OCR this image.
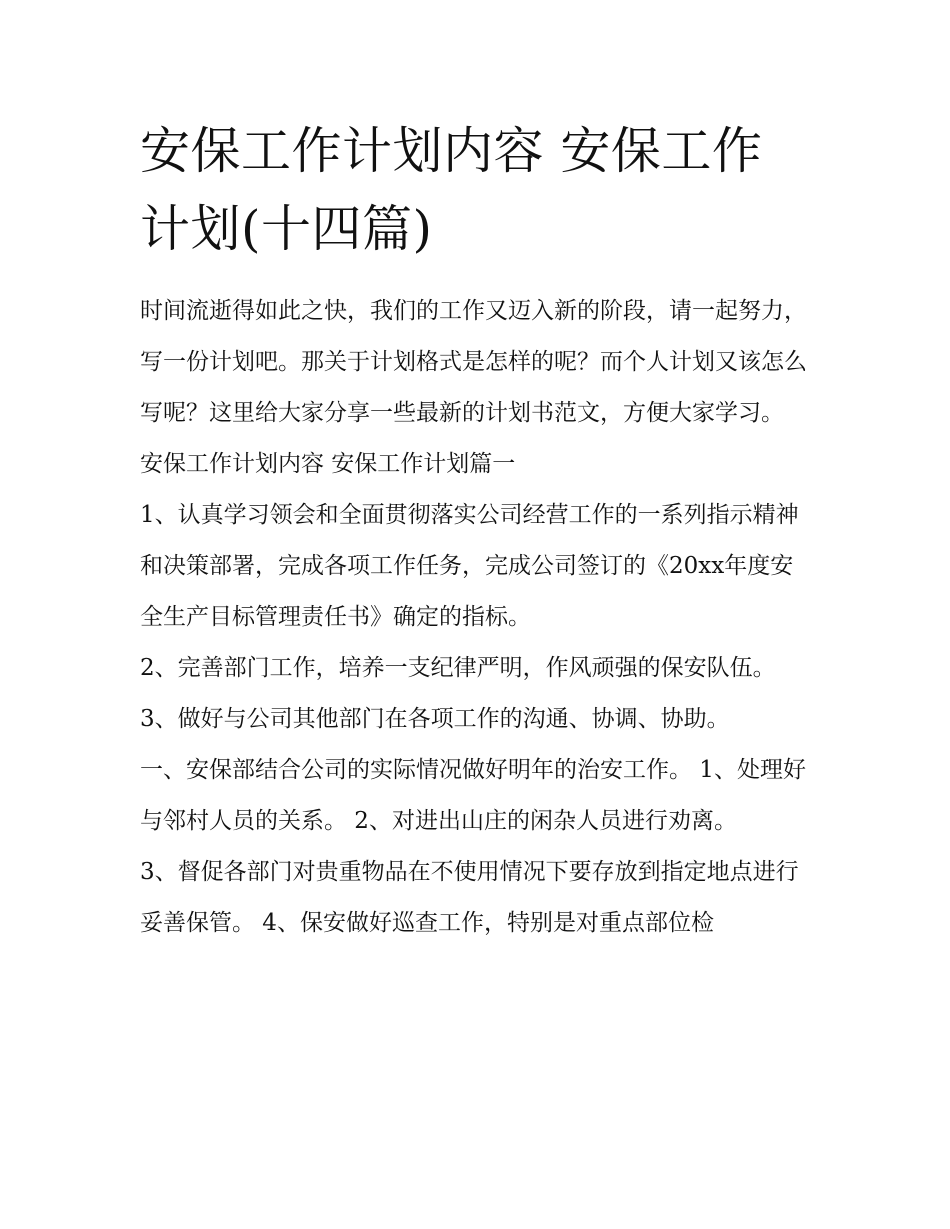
安保工作计划内容 安保工作计划(十四篇)

时间流逝得如此之快，我们的工作又迈入新的阶段，请一起努力，写一份计划吧。那关于计划格式是怎样的呢？而个人计划又该怎么写呢？这里给大家分享一些最新的计划书范文，方便大家学习。

安保工作计划内容 安保工作计划篇一

1、认真学习领会和全面贯彻落实公司经营工作的一系列指示精神和决策部署，完成各项工作任务，完成公司签订的《20xx年度安全生产目标管理责任书》确定的指标。

2、完善部门工作，培养一支纪律严明，作风顽强的保安队伍。 3、做好与公司其他部门在各项工作的沟通、协调、协助。

一、安保部结合公司的实际情况做好明年的治安工作。 1、处理好与邻村人员的关系。 2、对进出山庄的闲杂人员进行劝离。

3、督促各部门对贵重物品在不使用情况下要存放到指定地点进行妥善保管。 4、保安做好巡查工作，特别是对重点部位检
